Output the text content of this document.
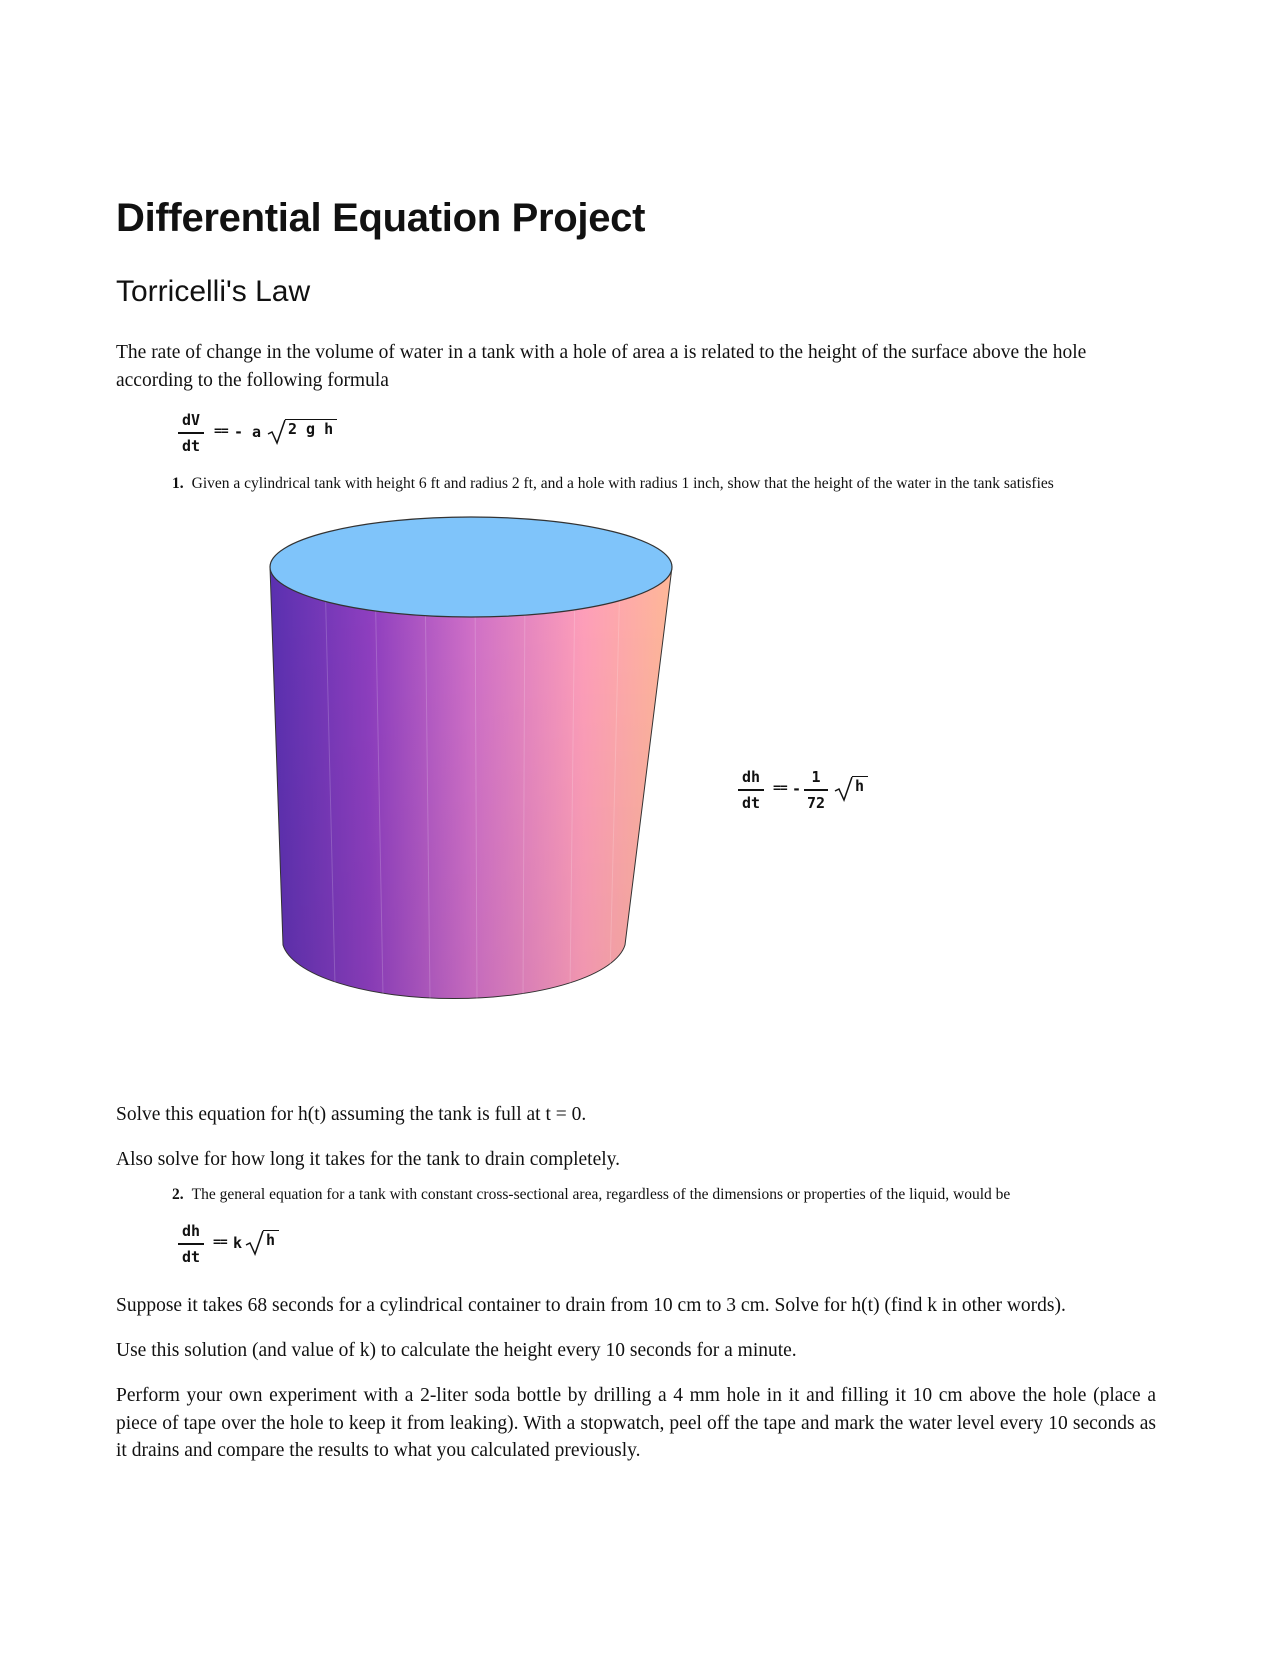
Differential Equation Project
Torricelli's Law
The rate of change in the volume of water in a tank with a hole of area a is related to the height of the surface above the hole according to the following formula
dV
dt
== - a 2 g h
1. Given a cylindrical tank with height 6 ft and radius 2 ft, and a hole with radius 1 inch, show that the height of the water in the tank satisfies
dh
dt
== -
1
72
h
Solve this equation for h(t) assuming the tank is full at t = 0.
Also solve for how long it takes for the tank to drain completely.
2. The general equation for a tank with constant cross-sectional area, regardless of the dimensions or properties of the liquid, would be
dh
dt
== k h
Suppose it takes 68 seconds for a cylindrical container to drain from 10 cm to 3 cm. Solve for h(t) (find k in other words).
Use this solution (and value of k) to calculate the height every 10 seconds for a minute.
Perform your own experiment with a 2-liter soda bottle by drilling a 4 mm hole in it and filling it 10 cm above the hole (place a piece of tape over the hole to keep it from leaking). With a stopwatch, peel off the tape and mark the water level every 10 seconds as it drains and compare the results to what you calculated previously.
